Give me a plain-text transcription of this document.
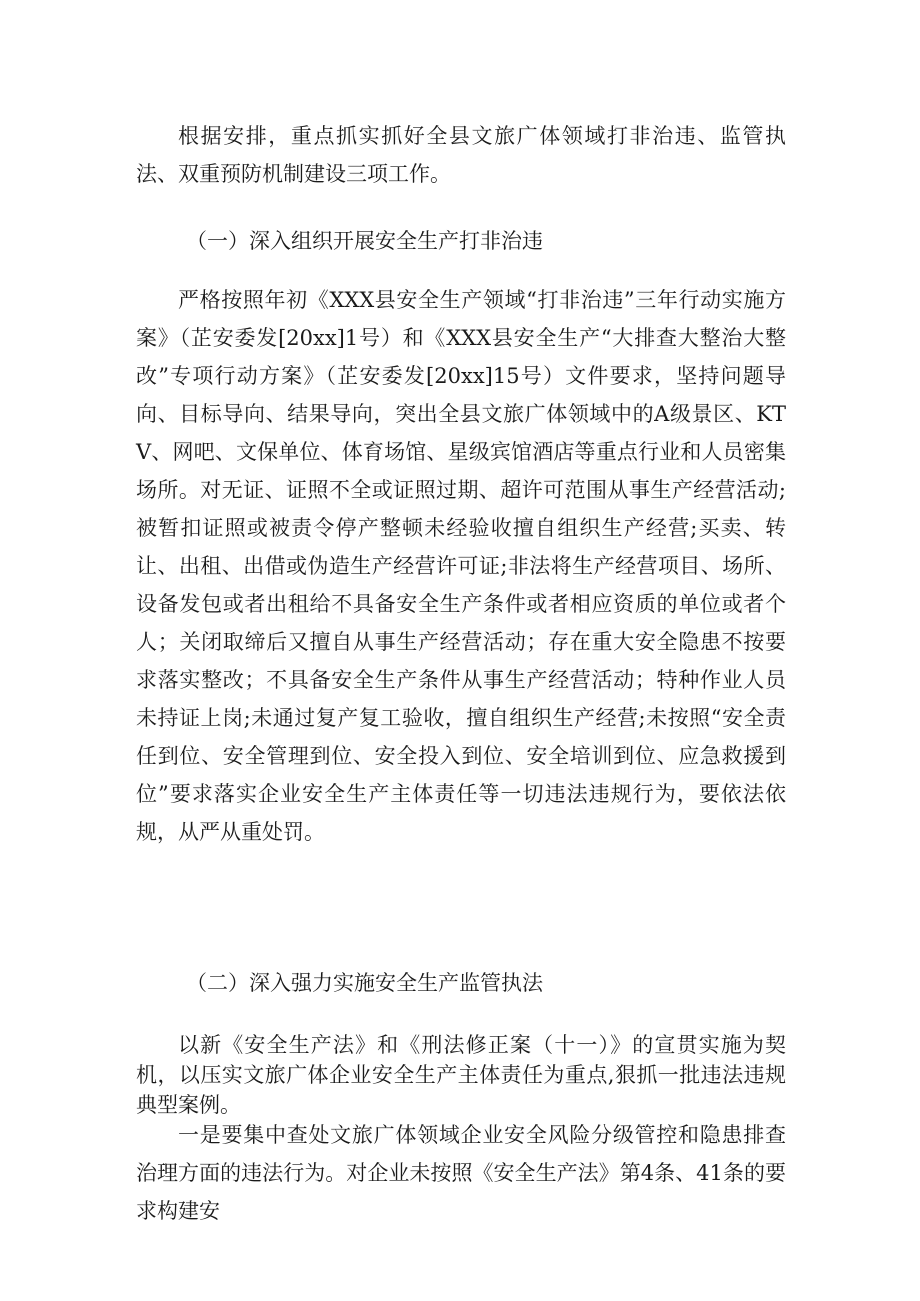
根据安排，重点抓实抓好全县文旅广体领域打非治违、监管执法、双重预防机制建设三项工作。

（一）深入组织开展安全生产打非治违

严格按照年初《XXX县安全生产领域“打非治违”三年行动实施方案》（芷安委发[20xx]1号）和《XXX县安全生产“大排查大整治大整改”专项行动方案》（芷安委发[20xx]15号）文件要求，坚持问题导向、目标导向、结果导向，突出全县文旅广体领域中的A级景区、KTV、网吧、文保单位、体育场馆、星级宾馆酒店等重点行业和人员密集场所。对无证、证照不全或证照过期、超许可范围从事生产经营活动;被暂扣证照或被责令停产整顿未经验收擅自组织生产经营;买卖、转让、出租、出借或伪造生产经营许可证;非法将生产经营项目、场所、设备发包或者出租给不具备安全生产条件或者相应资质的单位或者个人；关闭取缔后又擅自从事生产经营活动；存在重大安全隐患不按要求落实整改；不具备安全生产条件从事生产经营活动；特种作业人员未持证上岗;未通过复产复工验收，擅自组织生产经营;未按照“安全责任到位、安全管理到位、安全投入到位、安全培训到位、应急救援到位”要求落实企业安全生产主体责任等一切违法违规行为，要依法依规，从严从重处罚。

（二）深入强力实施安全生产监管执法

以新《安全生产法》和《刑法修正案（十一）》的宣贯实施为契机，以压实文旅广体企业安全生产主体责任为重点,狠抓一批违法违规典型案例。

一是要集中查处文旅广体领域企业安全风险分级管控和隐患排查治理方面的违法行为。对企业未按照《安全生产法》第4条、41条的要求构建安
